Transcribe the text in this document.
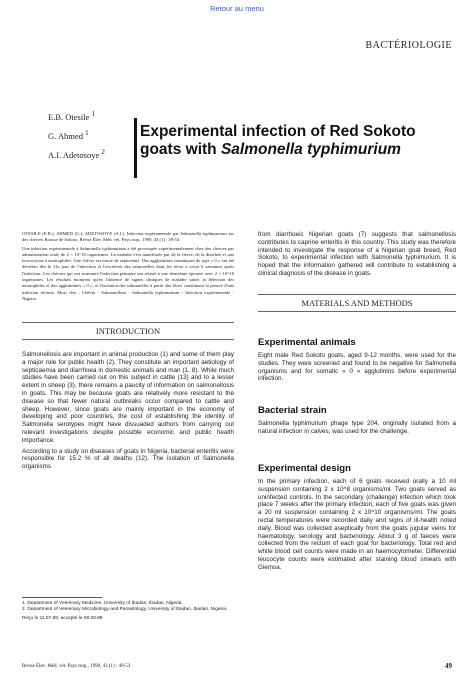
Retour au menu
BACTÉRIOLOGIE
E.B. Otesile $^1$
G. Ahmed $^1$
A.I. Adetosoye $^2$
Experimental infection of Red Sokoto
goats with Salmonella typhimurium

OTESILE (E.B.), AHMED (G.), ADETOSOYE (A.I.). Infection expérimentale par Salmonella typhimurium sur des chèvres Rousse de Sokoto. Revue Élev. Méd. vét. Pays trop., 1990, 43 (1) : 49-53.

Une infection expérimentale à Salmonella typhimurium a été provoquée expérimentalement chez des chèvres par administration orale de 2 × 10^10 organismes. La maladie s'est manifestée par de la fièvre, de la diarrhée et une leucocytose à neutrophiles. Une chèvre est morte de septicémie. Des agglutinines somatiques de type « 0 » ont été décelées dès le 11e jour de l'infection et l'excrétion des salmonelles dans les fèces a cessé 6 semaines après l'infection. Les chèvres qui ont surmonté l'infection primaire ont résisté à une deuxième épreuve avec 2 × 10^10 organismes. Les résultats montrent qu'en l'absence de signes cliniques de maladie santé, la détection des neutrophiles et des agglutinines « 0 », et l'isolation des salmonelles à partir des fèces constituent la preuve d'une infection récente. Mots clés : Chèvre - Salmonellose - Salmonella typhimurium - Infection expérimentale - Nigeria.

INTRODUCTION

Salmonellosis are important in animal production (1) and some of them play a major role for public health (2). They constitute an important aetiology of septicaemia and diarrhoea in domestic animals and man (1, 8). While much studies have been carried out on this subject in cattle (13) and to a lesser extent in sheep (3), there remains a paucity of information on salmonellosis in goats. This may be because goats are relatively more resistant to the disease so that fewer natural outbreaks occur compared to cattle and sheep. However, since goats are mainly important in the economy of developing and poor countries, the cost of establishing the identity of Salmonella serotypes might have dissuaded authors from carrying out relevant investigations despite possible economic and public health importance.

According to a study on diseases of goats in Nigeria, bacterial enteritis were responsible for 15.2 % of all deaths (12). The isolation of Salmonella organisms

1. Department of Veterinary Medicine, University of Ibadan, Ibadan, Nigeria.
2. Department of Veterinary Microbiology and Parasitology, University of Ibadan, Ibadan, Nigeria.
Reçu le 11.07.89, accepté le 08.08.89
Revue Élev. Méd. vét. Pays trop., 1990, 43 (1) : 49-53	49
from diarrhoeic Nigerian goats (7) suggests that salmonellosis contributes to caprine enteritis in this country. This study was therefore intended to investigate the response of a Nigerian goat breed, Red Sokoto, to experimental infection with Salmonella typhimurium. It is hoped that the information gathered will contribute to establishing a clinical diagnosis of the disease in goats.
MATERIALS AND METHODS
Experimental animals
Eight male Red Sokoto goats, aged 9-12 months, were used for the studies. They were screened and found to be negative for Salmonella organisms and for somatic « 0 » agglutinins before experimental infection.
Bacterial strain
Salmonella typhimurium phage type 204, originally isolated from a natural infection in calves, was used for the challenge.
Experimental design
In the primary infection, each of 6 goats received orally a 10 ml suspension containing 2 x 10^8 organisms/ml. Two goats served as uninfected controls. In the secondary (challenge) infection which took place 7 weeks after the primary infection, each of five goats was given a 20 ml suspension containing 2 x 10^10 organisms/ml. The goats rectal temperatures were recorded daily and signs of ill-health noted daily. Blood was collected aseptically from the goats jugular veins for haematology, serology and bacteriology. About 3 g of faeces were collected from the rectum of each goat for bacteriology. Total red and white blood cell counts were made in an haemocytometer. Differential leucocyte counts were estimated after staining blood smears with Giemsa.
